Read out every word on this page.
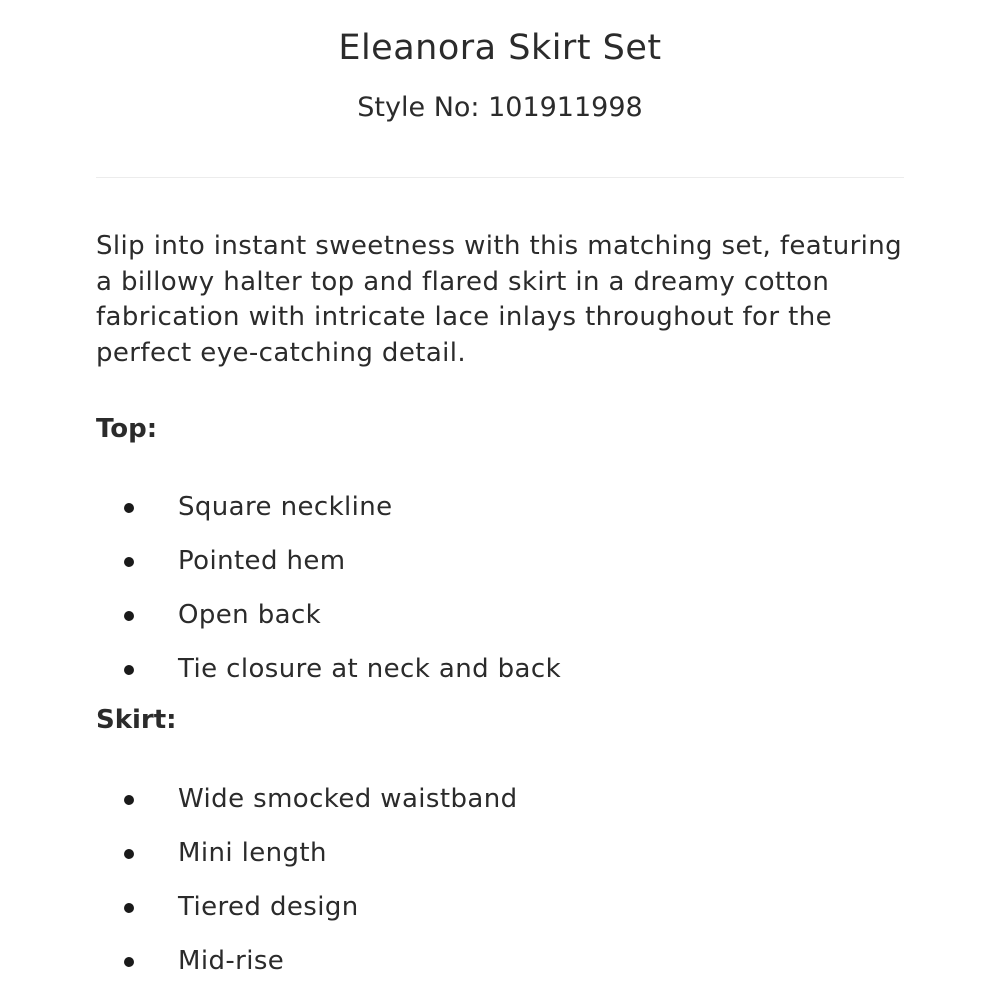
Eleanora Skirt Set
Style No: 101911998

Slip into instant sweetness with this matching set, featuring a billowy halter top and flared skirt in a dreamy cotton fabrication with intricate lace inlays throughout for the perfect eye-catching detail.

Top:

Square neckline
Pointed hem
Open back
Tie closure at neck and back

Skirt:

Wide smocked waistband
Mini length
Tiered design
Mid-rise
